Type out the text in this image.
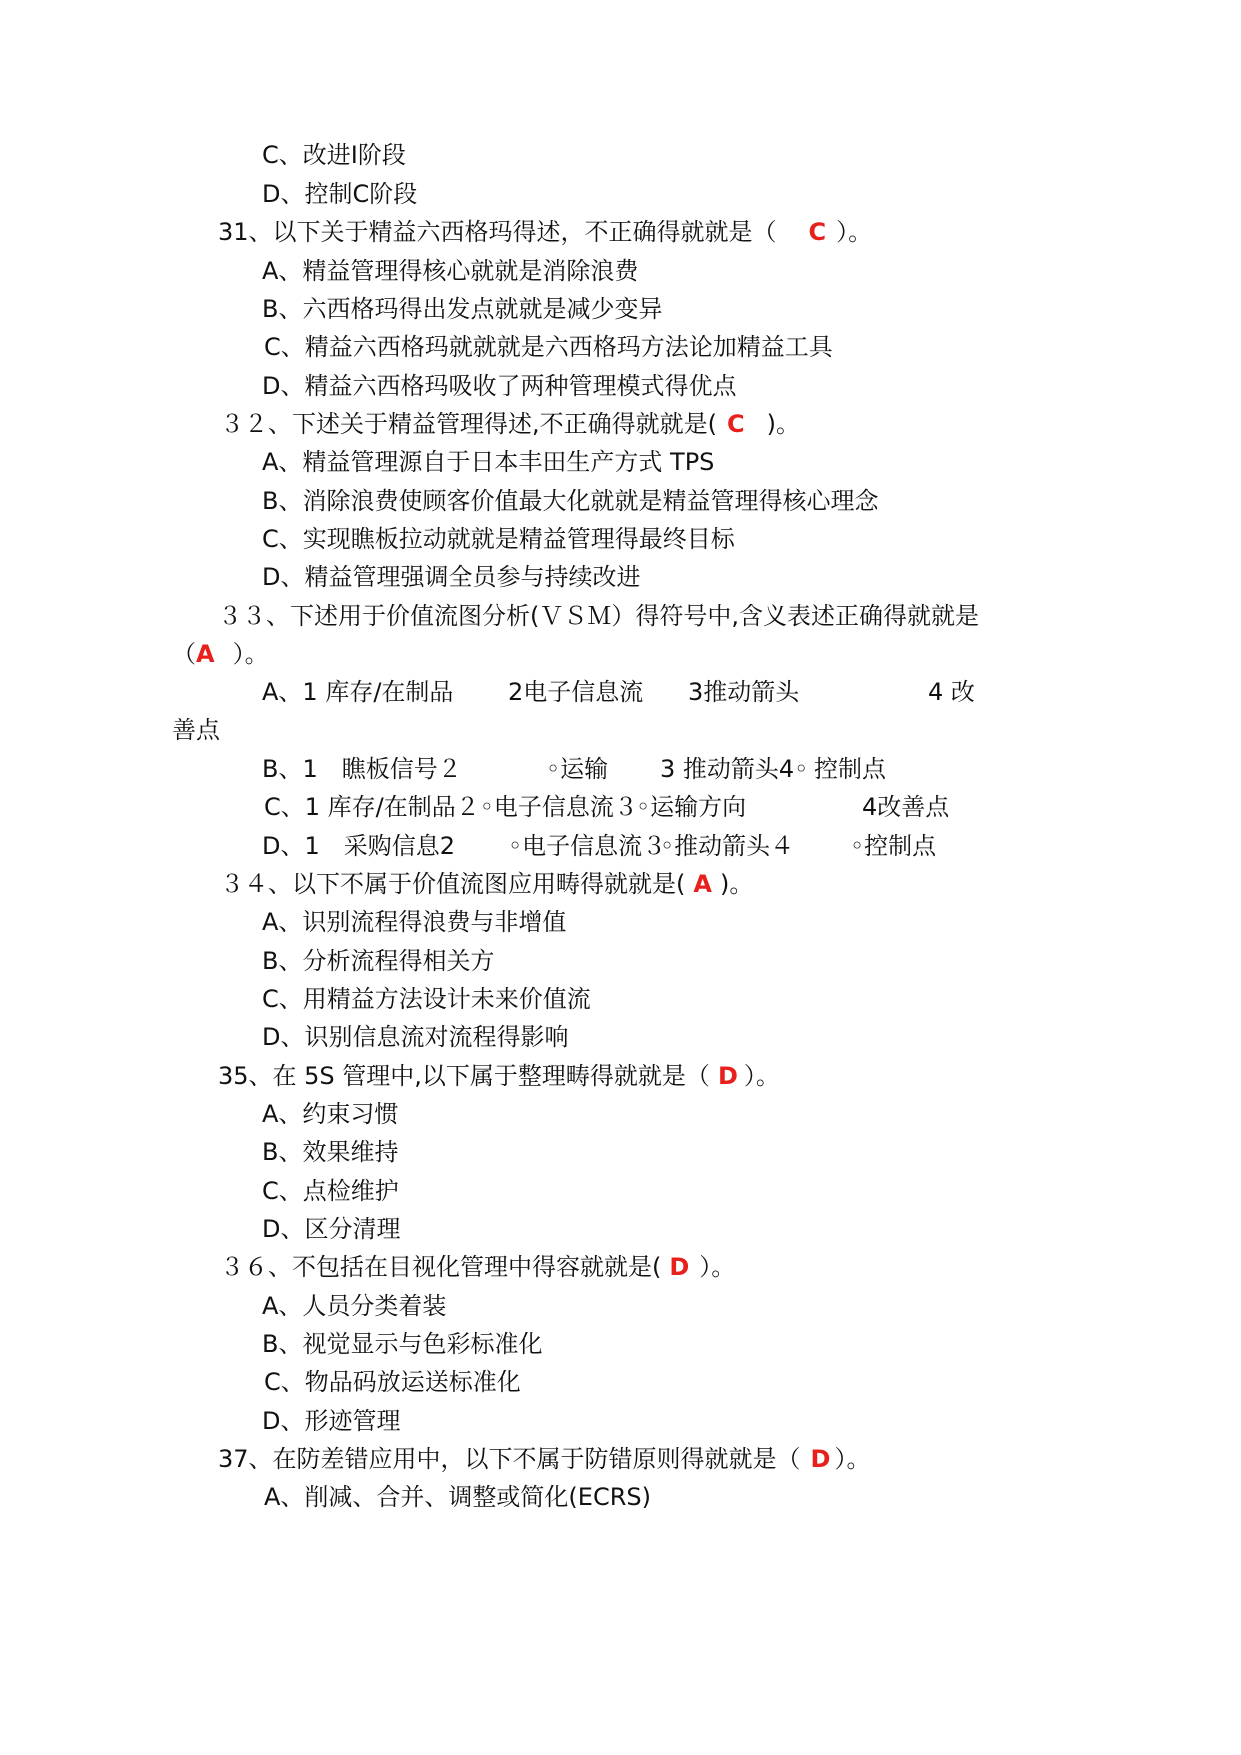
C、改进I阶段
D、控制C阶段
31、以下关于精益六西格玛得述，不正确得就就是（ C ）。
A、精益管理得核心就就是消除浪费
B、六西格玛得出发点就就是减少变异
C、精益六西格玛就就就是六西格玛方法论加精益工具
D、精益六西格玛吸收了两种管理模式得优点
３２、下述关于精益管理得述,不正确得就就是( C )。
A、精益管理源自于日本丰田生产方式 TPS
B、消除浪费使顾客价值最大化就就是精益管理得核心理念
C、实现瞧板拉动就就是精益管理得最终目标
D、精益管理强调全员参与持续改进
３３、下述用于价值流图分析(ＶＳＭ）得符号中,含义表述正确得就就是
（A ）。
A、1 库存/在制品 2电子信息流 3推动箭头	4 改
善点
B、1　瞧板信号２	◦运输 3 推动箭头4◦ 控制点
C、1 库存/在制品２◦电子信息流３
◦运输方向	4改善点
D、1　采购信息2 ◦电子信息流３
◦推动箭头４ ◦控制点
３４、以下不属于价值流图应用畴得就就是( A )。
A、识别流程得浪费与非增值
B、分析流程得相关方
C、用精益方法设计未来价值流
D、识别信息流对流程得影响
35、在 5S 管理中,以下属于整理畴得就就是（ D ）。
A、约束习惯
B、效果维持
C、点检维护
D、区分清理
３６、不包括在目视化管理中得容就就是( D ）。
A、人员分类着装
B、视觉显示与色彩标准化
C、物品码放运送标准化
D、形迹管理
37、在防差错应用中，以下不属于防错原则得就就是（ D ）。
A、削减、合并、调整或简化(ECRS)
